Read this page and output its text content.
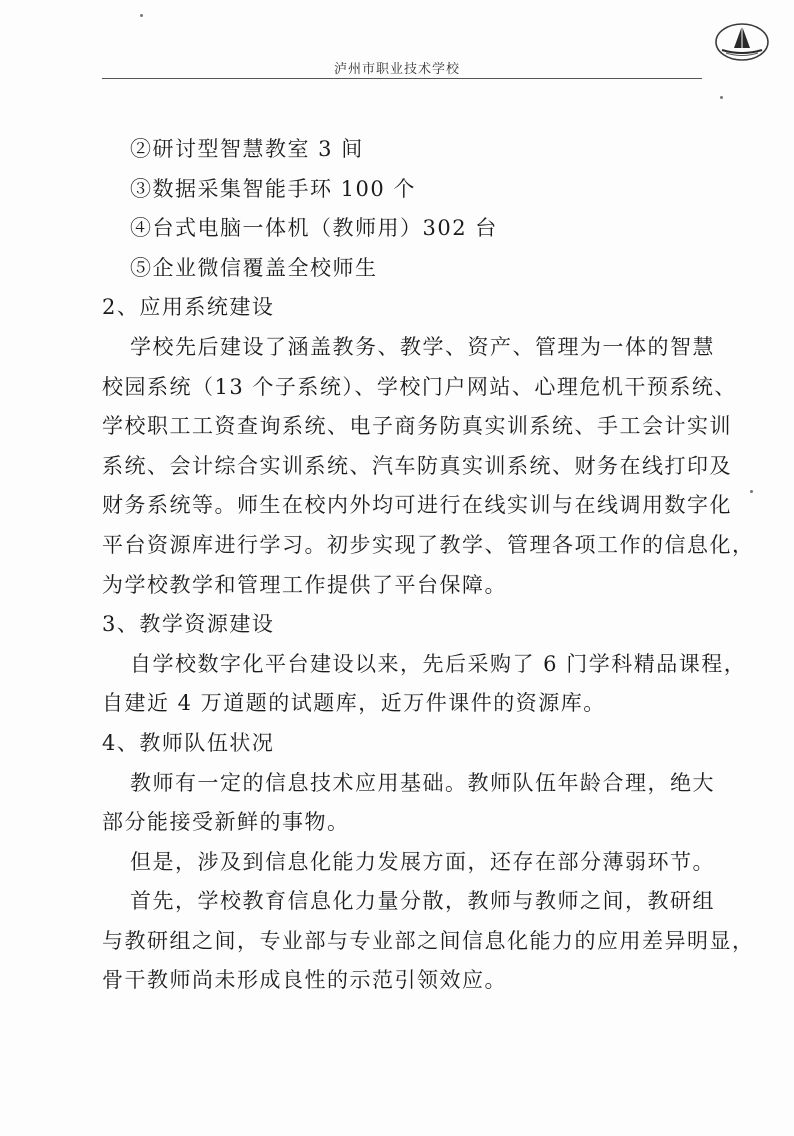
泸州市职业技术学校
②研讨型智慧教室 3 间
③数据采集智能手环 100 个
④台式电脑一体机（教师用）302 台
⑤企业微信覆盖全校师生
2、应用系统建设
学校先后建设了涵盖教务、教学、资产、管理为一体的智慧
校园系统（13 个子系统）、学校门户网站、心理危机干预系统、
学校职工工资查询系统、电子商务防真实训系统、手工会计实训
系统、会计综合实训系统、汽车防真实训系统、财务在线打印及
财务系统等。师生在校内外均可进行在线实训与在线调用数字化
平台资源库进行学习。初步实现了教学、管理各项工作的信息化，
为学校教学和管理工作提供了平台保障。
3、教学资源建设
自学校数字化平台建设以来，先后采购了 6 门学科精品课程，
自建近 4 万道题的试题库，近万件课件的资源库。
4、教师队伍状况
教师有一定的信息技术应用基础。教师队伍年龄合理，绝大
部分能接受新鲜的事物。
但是，涉及到信息化能力发展方面，还存在部分薄弱环节。
首先，学校教育信息化力量分散，教师与教师之间，教研组
与教研组之间，专业部与专业部之间信息化能力的应用差异明显，
骨干教师尚未形成良性的示范引领效应。
